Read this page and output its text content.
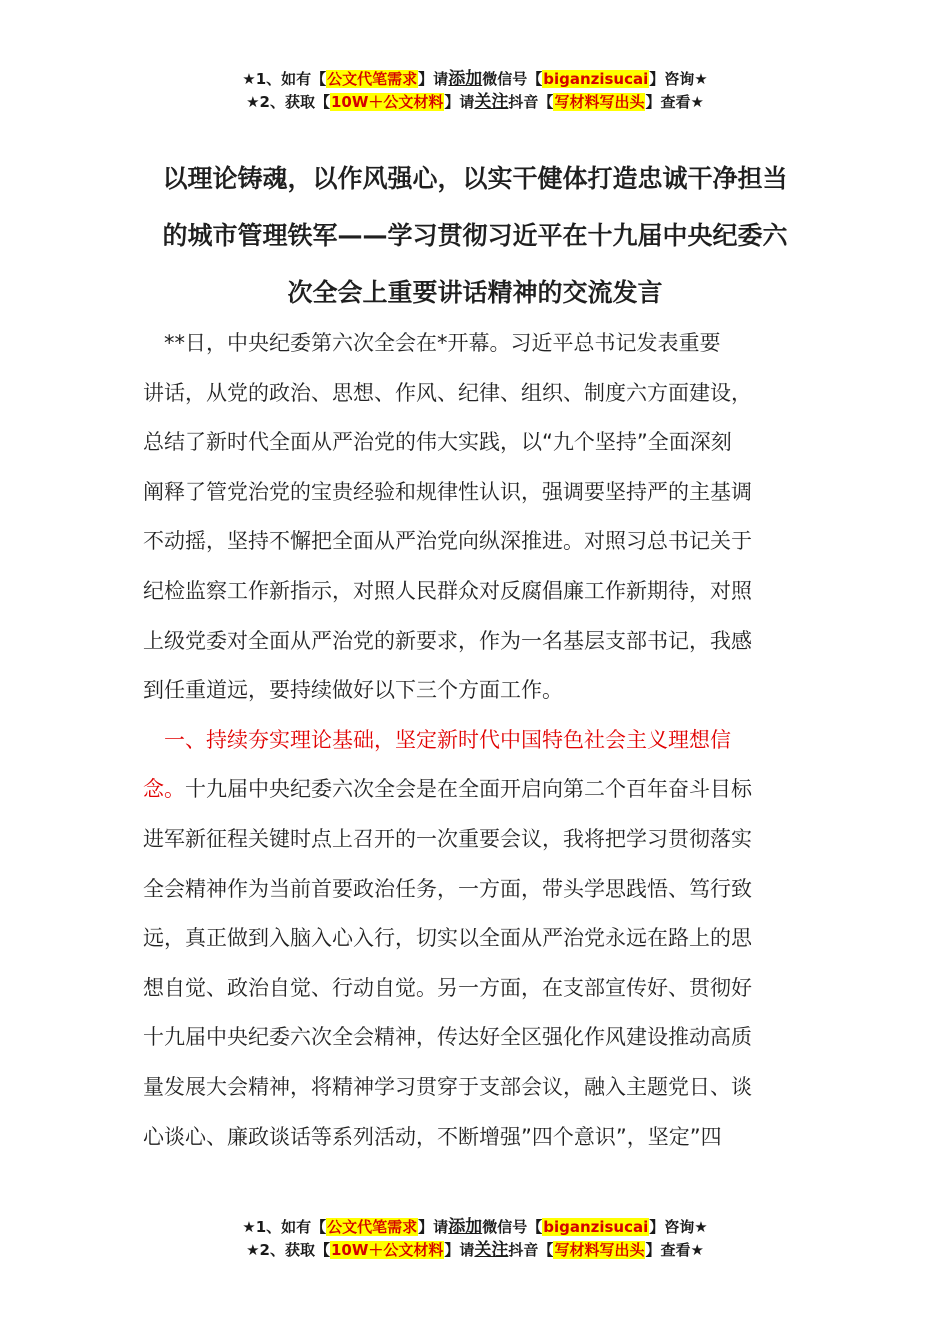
★1、如有【公文代笔需求】请添加微信号【biganzisucai】咨询★
★2、获取【10W＋公文材料】请关注抖音【写材料写出头】查看★
以理论铸魂，以作风强心，以实干健体打造忠诚干净担当
的城市管理铁军——学习贯彻习近平在十九届中央纪委六
次全会上重要讲话精神的交流发言
　**日，中央纪委第六次全会在*开幕。习近平总书记发表重要
讲话，从党的政治、思想、作风、纪律、组织、制度六方面建设，
总结了新时代全面从严治党的伟大实践，以“九个坚持”全面深刻
阐释了管党治党的宝贵经验和规律性认识，强调要坚持严的主基调
不动摇，坚持不懈把全面从严治党向纵深推进。对照习总书记关于
纪检监察工作新指示，对照人民群众对反腐倡廉工作新期待，对照
上级党委对全面从严治党的新要求，作为一名基层支部书记，我感
到任重道远，要持续做好以下三个方面工作。
　一、持续夯实理论基础，坚定新时代中国特色社会主义理想信
念。十九届中央纪委六次全会是在全面开启向第二个百年奋斗目标
进军新征程关键时点上召开的一次重要会议，我将把学习贯彻落实
全会精神作为当前首要政治任务，一方面，带头学思践悟、笃行致
远，真正做到入脑入心入行，切实以全面从严治党永远在路上的思
想自觉、政治自觉、行动自觉。另一方面，在支部宣传好、贯彻好
十九届中央纪委六次全会精神，传达好全区强化作风建设推动高质
量发展大会精神，将精神学习贯穿于支部会议，融入主题党日、谈
心谈心、廉政谈话等系列活动，不断增强”四个意识”，坚定”四
★1、如有【公文代笔需求】请添加微信号【biganzisucai】咨询★
★2、获取【10W＋公文材料】请关注抖音【写材料写出头】查看★
